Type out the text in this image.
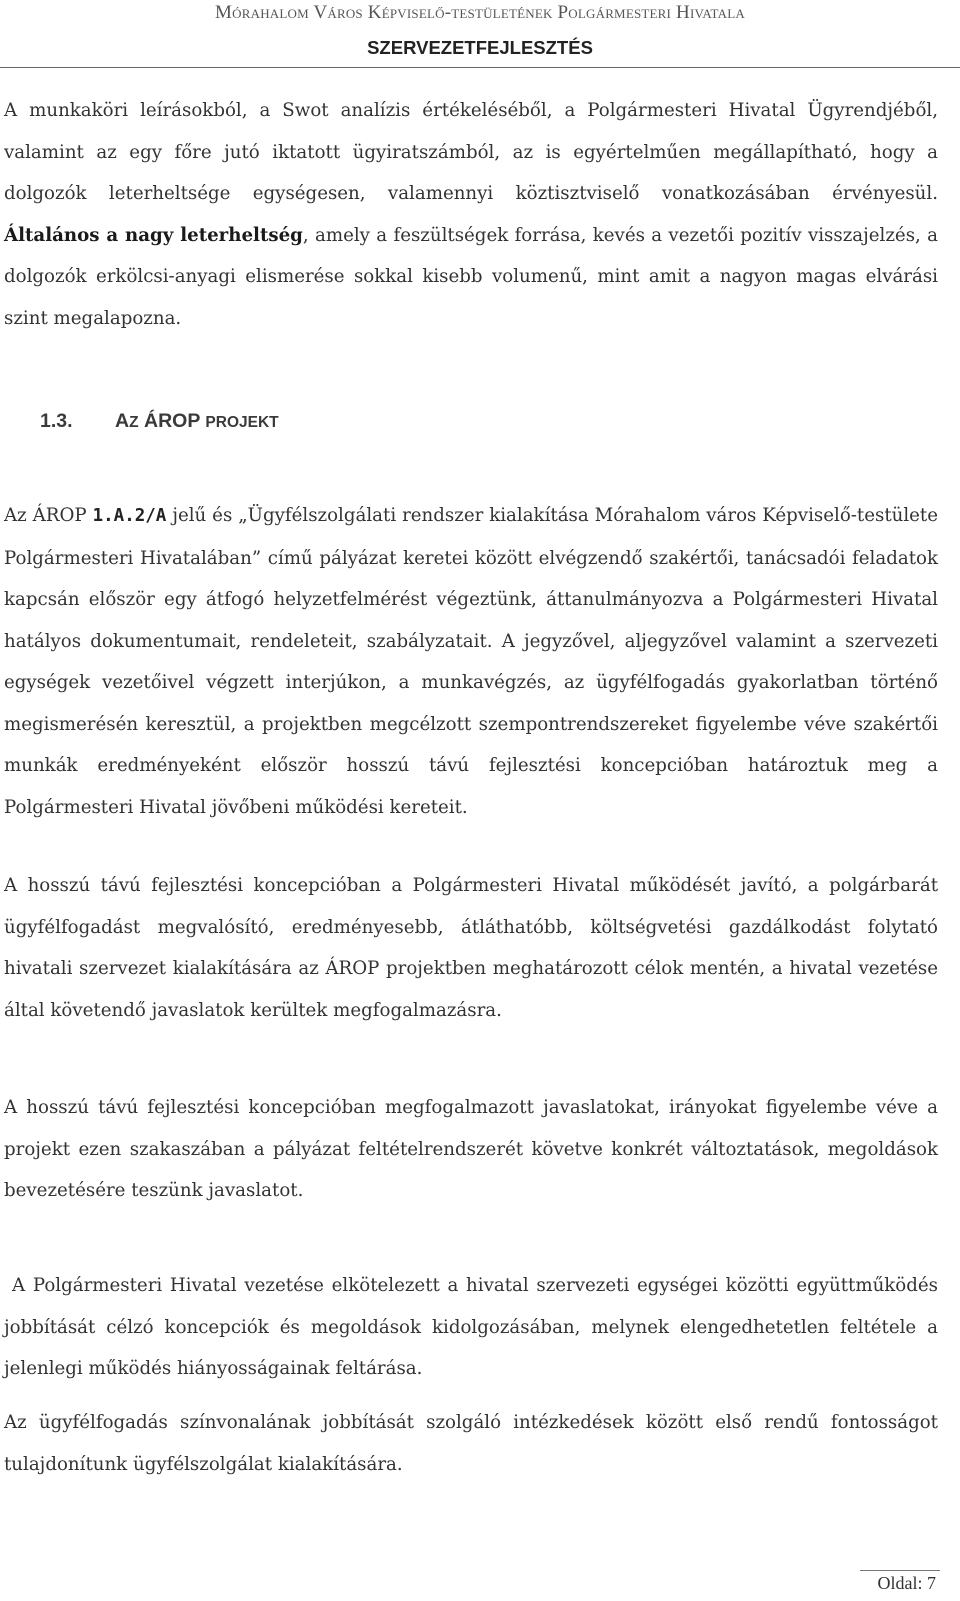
Mórahalom Város Képviselő-testületének Polgármesteri Hivatala
SZERVEZETFEJLESZTÉS

A munkaköri leírásokból, a Swot analízis értékeléséből, a Polgármesteri Hivatal Ügyrendjéből, valamint az egy főre jutó iktatott ügyiratszámból, az is egyértelműen megállapítható, hogy a dolgozók leterheltsége egységesen, valamennyi köztisztviselő vonatkozásában érvényesül. Általános a nagy leterheltség, amely a feszültségek forrása, kevés a vezetői pozitív visszajelzés, a dolgozók erkölcsi-anyagi elismerése sokkal kisebb volumenű, mint amit a nagyon magas elvárási szint megalapozna.

1.3. AZ ÁROP PROJEKT

Az ÁROP 1.A.2/A jelű és „Ügyfélszolgálati rendszer kialakítása Mórahalom város Képviselő-testülete Polgármesteri Hivatalában” című pályázat keretei között elvégzendő szakértői, tanácsadói feladatok kapcsán először egy átfogó helyzetfelmérést végeztünk, áttanulmányozva a Polgármesteri Hivatal hatályos dokumentumait, rendeleteit, szabályzatait. A jegyzővel, aljegyzővel valamint a szervezeti egységek vezetőivel végzett interjúkon, a munkavégzés, az ügyfélfogadás gyakorlatban történő megismerésén keresztül, a projektben megcélzott szempontrendszereket figyelembe véve szakértői munkák eredményeként először hosszú távú fejlesztési koncepcióban határoztuk meg a Polgármesteri Hivatal jövőbeni működési kereteit.

A hosszú távú fejlesztési koncepcióban a Polgármesteri Hivatal működését javító, a polgárbarát ügyfélfogadást megvalósító, eredményesebb, átláthatóbb, költségvetési gazdálkodást folytató hivatali szervezet kialakítására az ÁROP projektben meghatározott célok mentén, a hivatal vezetése által követendő javaslatok kerültek megfogalmazásra.

A hosszú távú fejlesztési koncepcióban megfogalmazott javaslatokat, irányokat figyelembe véve a projekt ezen szakaszában a pályázat feltételrendszerét követve konkrét változtatások, megoldások bevezetésére teszünk javaslatot.

A Polgármesteri Hivatal vezetése elkötelezett a hivatal szervezeti egységei közötti együttműködés jobbítását célzó koncepciók és megoldások kidolgozásában, melynek elengedhetetlen feltétele a jelenlegi működés hiányosságainak feltárása.

Az ügyfélfogadás színvonalának jobbítását szolgáló intézkedések között első rendű fontosságot tulajdonítunk ügyfélszolgálat kialakítására.

Oldal: 7
